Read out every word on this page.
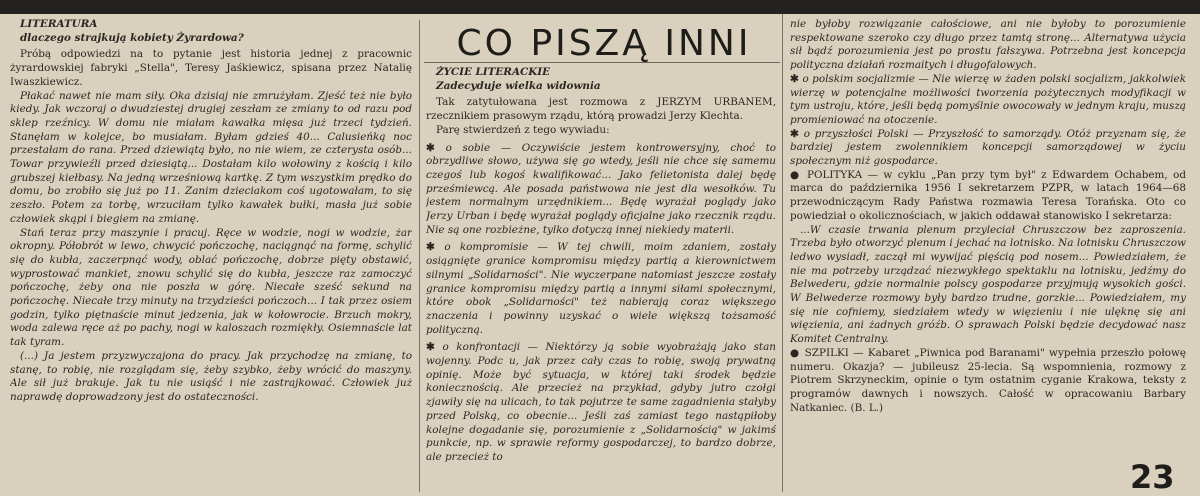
CO PISZĄ INNI

LITERATURA

dlaczego strajkują kobiety Żyrardowa?

Próbą odpowiedzi na to pytanie jest historia jednej z pracownic żyrardowskiej fabryki „Stella", Teresy Jaśkiewicz, spisana przez Natalię Iwaszkiewicz.

Płakać nawet nie mam siły. Oka dzisiaj nie zmrużyłam. Zjeść też nie było kiedy. Jak wczoraj o dwudziestej drugiej zeszłam ze zmiany to od razu pod sklep rzeźnicy. W domu nie miałam kawałka mięsa już trzeci tydzień. Stanęłam w kolejce, bo musiałam. Byłam gdzieś 40... Calusieńką noc przestałam do rana. Przed dziewiątą było, no nie wiem, ze czterysta osób... Towar przywieźli przed dziesiątą... Dostałam kilo wołowiny z kością i kilo grubszej kiełbasy. Na jedną wrześniową kartkę. Z tym wszystkim prędko do domu, bo zrobiło się już po 11. Zanim dzieciakom coś ugotowałam, to się zeszło. Potem za torbę, wrzuciłam tylko kawałek bułki, masła już sobie człowiek skąpi i biegiem na zmianę.

Stań teraz przy maszynie i pracuj. Ręce w wodzie, nogi w wodzie, żar okropny. Półobrót w lewo, chwycić pończochę, naciągnąć na formę, schylić się do kubła, zaczerpnąć wody, oblać pończochę, dobrze pięty obstawić, wyprostować mankiet, znowu schylić się do kubła, jeszcze raz zamoczyć pończochę, żeby ona nie poszła w górę. Niecałe sześć sekund na pończochę. Niecałe trzy minuty na trzydzieści pończoch... I tak przez osiem godzin, tylko piętnaście minut jedzenia, jak w kołowrocie. Brzuch mokry, woda zalewa ręce aż po pachy, nogi w kaloszach rozmiękły. Osiemnaście lat tak tyram.

(...) Ja jestem przyzwyczajona do pracy. Jak przychodzę na zmianę, to stanę, to robię, nie rozglądam się, żeby szybko, żeby wrócić do maszyny. Ale sił już brakuje. Jak tu nie usiąść i nie zastrajkować. Człowiek już naprawdę doprowadzony jest do ostateczności.

ŻYCIE LITERACKIE

Zadecyduje wielka widownia

Tak zatytułowana jest rozmowa z JERZYM URBANEM, rzecznikiem prasowym rządu, którą prowadzi Jerzy Klechta.

Parę stwierdzeń z tego wywiadu:

✱ o sobie — Oczywiście jestem kontrowersyjny, choć to obrzydliwe słowo, używa się go wtedy, jeśli nie chce się samemu czegoś lub kogoś kwalifikować... Jako felietonista dalej będę prześmiewcą. Ale posada państwowa nie jest dla wesołków. Tu jestem normalnym urzędnikiem... Będę wyrażał poglądy jako Jerzy Urban i będę wyrażał poglądy oficjalne jako rzecznik rządu. Nie są one rozbieżne, tylko dotyczą innej niekiedy materii.

✱ o kompromisie — W tej chwili, moim zdaniem, zostały osiągnięte granice kompromisu między partią a kierownictwem silnymi „Solidarności". Nie wyczerpane natomiast jeszcze zostały granice kompromisu między partią a innymi siłami społecznymi, które obok „Solidarności" też nabierają coraz większego znaczenia i powinny uzyskać o wiele większą tożsamość polityczną.

✱ o konfrontacji — Niektórzy ją sobie wyobrażają jako stan wojenny. Podc u, jak przez cały czas to robię, swoją prywatną opinię. Może być sytuacja, w której taki środek będzie koniecznością. Ale przecież na przykład, gdyby jutro czołgi zjawiły się na ulicach, to tak pojutrze te same zagadnienia stałyby przed Polską, co obecnie... Jeśli zaś zamiast tego nastąpiłoby kolejne dogadanie się, porozumienie z „Solidarnością" w jakimś punkcie, np. w sprawie reformy gospodarczej, to bardzo dobrze, ale przecież to

nie byłoby rozwiązanie całościowe, ani nie byłoby to porozumienie respektowane szeroko czy długo przez tamtą stronę... Alternatywa użycia sił bądź porozumienia jest po prostu fałszywa. Potrzebna jest koncepcja polityczna działań rozmaitych i długofalowych.

✱ o polskim socjalizmie — Nie wierzę w żaden polski socjalizm, jakkolwiek wierzę w potencjalne możliwości tworzenia pożytecznych modyfikacji w tym ustroju, które, jeśli będą pomyślnie owocowały w jednym kraju, muszą promieniować na otoczenie.

✱ o przyszłości Polski — Przyszłość to samorządy. Otóż przyznam się, że bardziej jestem zwolennikiem koncepcji samorządowej w życiu społecznym niż gospodarce.

● POLITYKA — w cyklu „Pan przy tym był" z Edwardem Ochabem, od marca do października 1956 I sekretarzem PZPR, w latach 1964—68 przewodniczącym Rady Państwa rozmawia Teresa Torańska. Oto co powiedział o okolicznościach, w jakich oddawał stanowisko I sekretarza:

...W czasie trwania plenum przyleciał Chruszczow bez zaproszenia. Trzeba było otworzyć plenum i jechać na lotnisko. Na lotnisku Chruszczow ledwo wysiadł, zaczął mi wywijać pięścią pod nosem... Powiedziałem, że nie ma potrzeby urządzać niezwykłego spektaklu na lotnisku, jedźmy do Belwederu, gdzie normalnie polscy gospodarze przyjmują wysokich gości. W Belwederze rozmowy były bardzo trudne, gorzkie... Powiedziałem, my się nie cofniemy, siedziałem wtedy w więzieniu i nie ulęknę się ani więzienia, ani żadnych gróźb. O sprawach Polski będzie decydować nasz Komitet Centralny.

● SZPILKI — Kabaret „Piwnica pod Baranami" wypełnia przeszło połowę numeru. Okazja? — jubileusz 25-lecia. Są wspomnienia, rozmowy z Piotrem Skrzyneckim, opinie o tym ostatnim cyganie Krakowa, teksty z programów dawnych i nowszych. Całość w opracowaniu Barbary Natkaniec. (B. L.)

23
